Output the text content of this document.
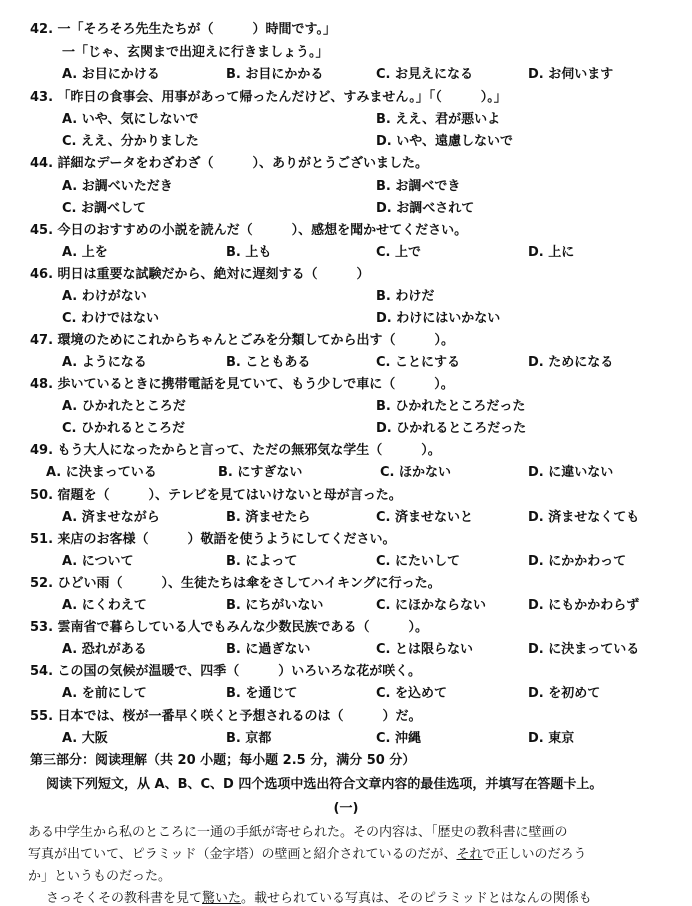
42. 一「そろそろ先生たちが（　　　）時間です。」
一「じゃ、玄関まで出迎えに行きましょう。」
A. お目にかける	B. お目にかかる	C. お見えになる	D. お伺います
43. 「昨日の食事会、用事があって帰ったんだけど、すみません。」「（　　　）。」
A. いや、気にしないで	B. ええ、君が悪いよ
C. ええ、分かりました	D. いや、遠慮しないで
44. 詳細なデータをわざわざ（　　　）、ありがとうございました。
A. お調べいただき	B. お調べでき
C. お調べして	D. お調べされて
45. 今日のおすすめの小説を読んだ（　　　）、感想を聞かせてください。
A. 上を	B. 上も	C. 上で	D. 上に
46. 明日は重要な試験だから、絶対に遅刻する（　　　）
A. わけがない	B. わけだ
C. わけではない	D. わけにはいかない
47. 環境のためにこれからちゃんとごみを分類してから出す（　　　）。
A. ようになる	B. こともある	C. ことにする	D. ためになる
48. 歩いているときに携帯電話を見ていて、もう少しで車に（　　　）。
A. ひかれたところだ	B. ひかれたところだった
C. ひかれるところだ	D. ひかれるところだった
49. もう大人になったからと言って、ただの無邪気な学生（　　　）。
A. に決まっている	B. にすぎない	C. ほかない	D. に違いない
50. 宿題を（　　　）、テレビを見てはいけないと母が言った。
A. 済ませながら	B. 済ませたら	C. 済ませないと	D. 済ませなくても
51. 来店のお客様（　　　）敬語を使うようにしてください。
A. について	B. によって	C. にたいして	D. にかかわって
52. ひどい雨（　　　）、生徒たちは傘をさしてハイキングに行った。
A. にくわえて	B. にちがいない	C. にほかならない	D. にもかかわらず
53. 雲南省で暮らしている人でもみんな少数民族である（　　　）。
A. 恐れがある	B. に過ぎない	C. とは限らない	D. に決まっている
54. この国の気候が温暖で、四季（　　　）いろいろな花が咲く。
A. を前にして	B. を通じて	C. を込めて	D. を初めて
55. 日本では、桜が一番早く咲くと予想されるのは（　　　）だ。
A. 大阪	B. 京都	C. 沖縄	D. 東京
第三部分：阅读理解（共 20 小题；每小题 2.5 分，满分 50 分）
阅读下列短文，从 A、B、C、D 四个选项中选出符合文章内容的最佳选项，并填写在答题卡上。
(一)
ある中学生から私のところに一通の手紙が寄せられた。その内容は、「歴史の教科書に壁画の
写真が出ていて、ピラミッド（金字塔）の壁画と紹介されているのだが、それで正しいのだろう
か」というものだった。
さっそくその教科書を見て驚いた。載せられている写真は、そのピラミッドとはなんの関係も
